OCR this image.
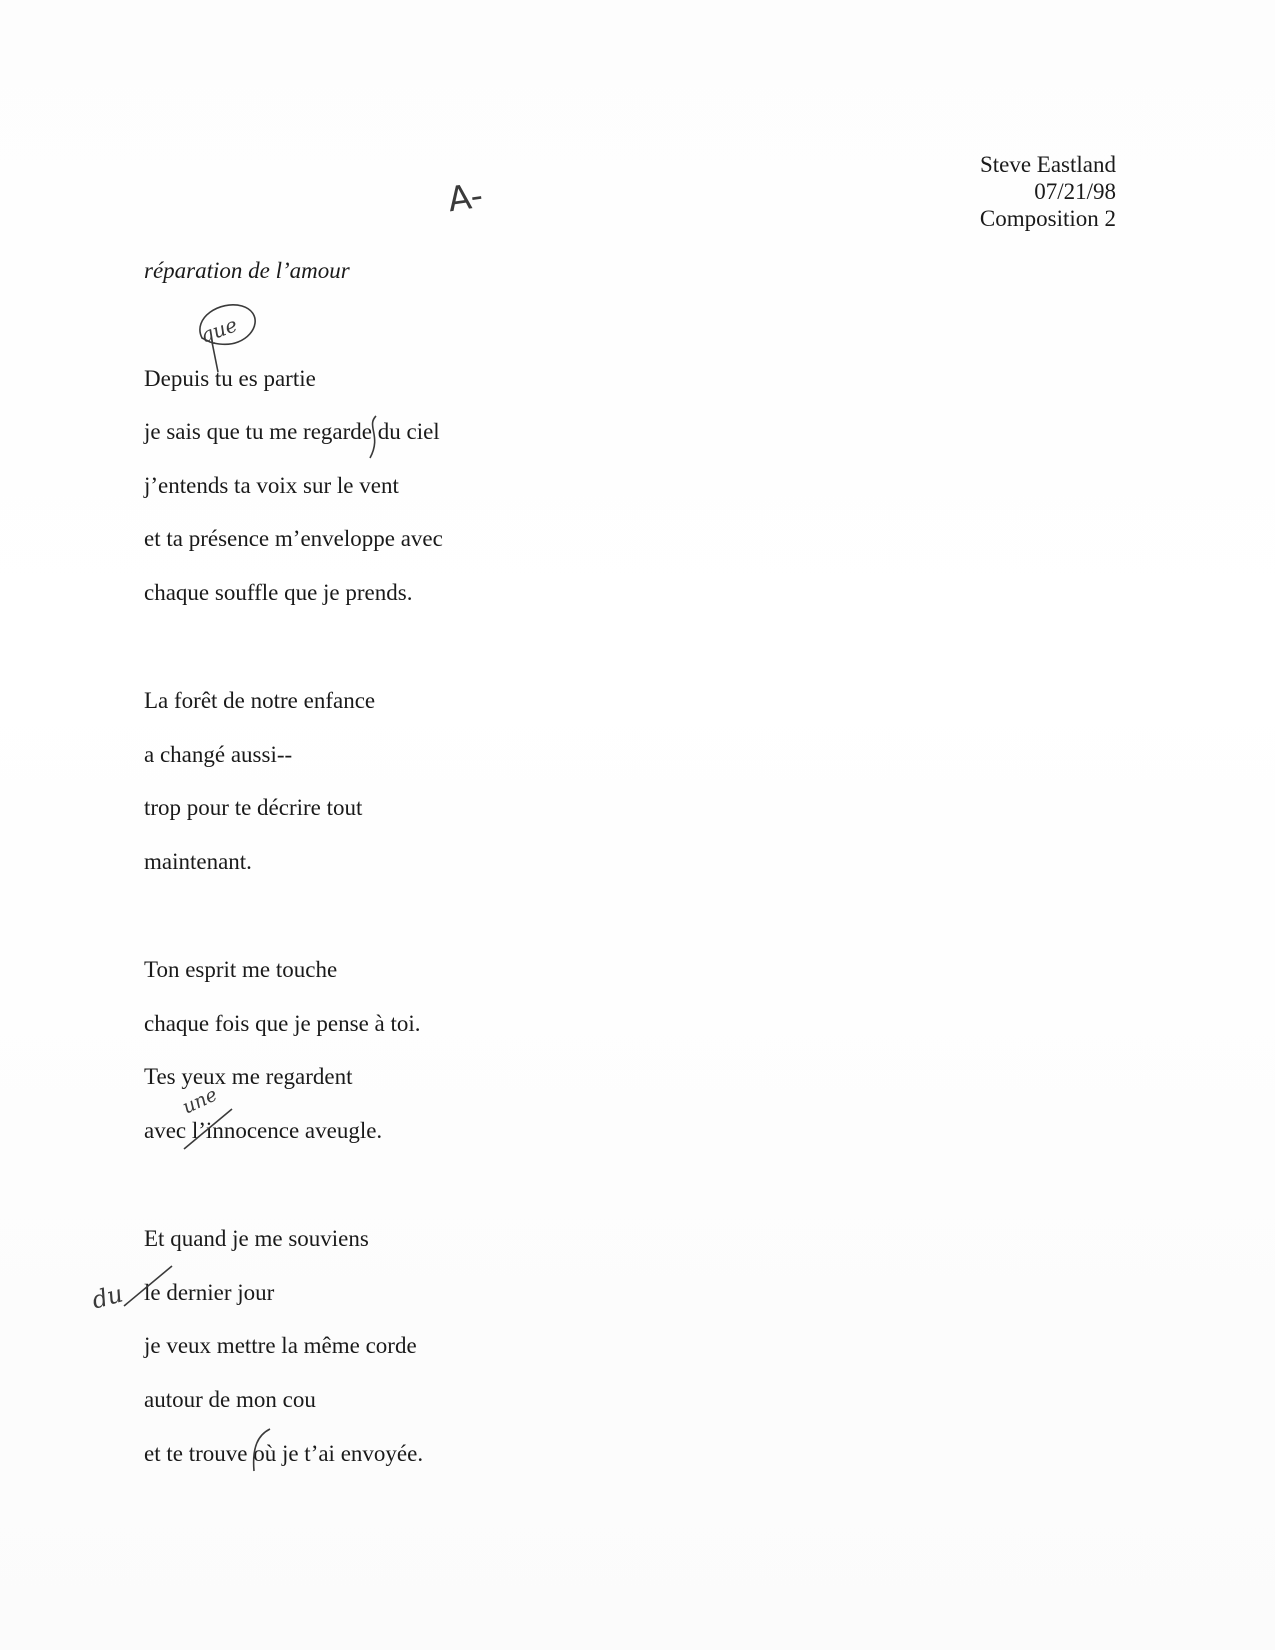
Steve Eastland
07/21/98
Composition 2
A-
réparation de l’amour
Depuis tu es partie
je sais que tu me regarde du ciel
j’entends ta voix sur le vent
et ta présence m’enveloppe avec
chaque souffle que je prends.
La forêt de notre enfance
a changé aussi--
trop pour te décrire tout
maintenant.
Ton esprit me touche
chaque fois que je pense à toi.
Tes yeux me regardent
avec l’innocence aveugle.
Et quand je me souviens
le dernier jour
je veux mettre la même corde
autour de mon cou
et te trouve où je t’ai envoyée.
que
une
du
